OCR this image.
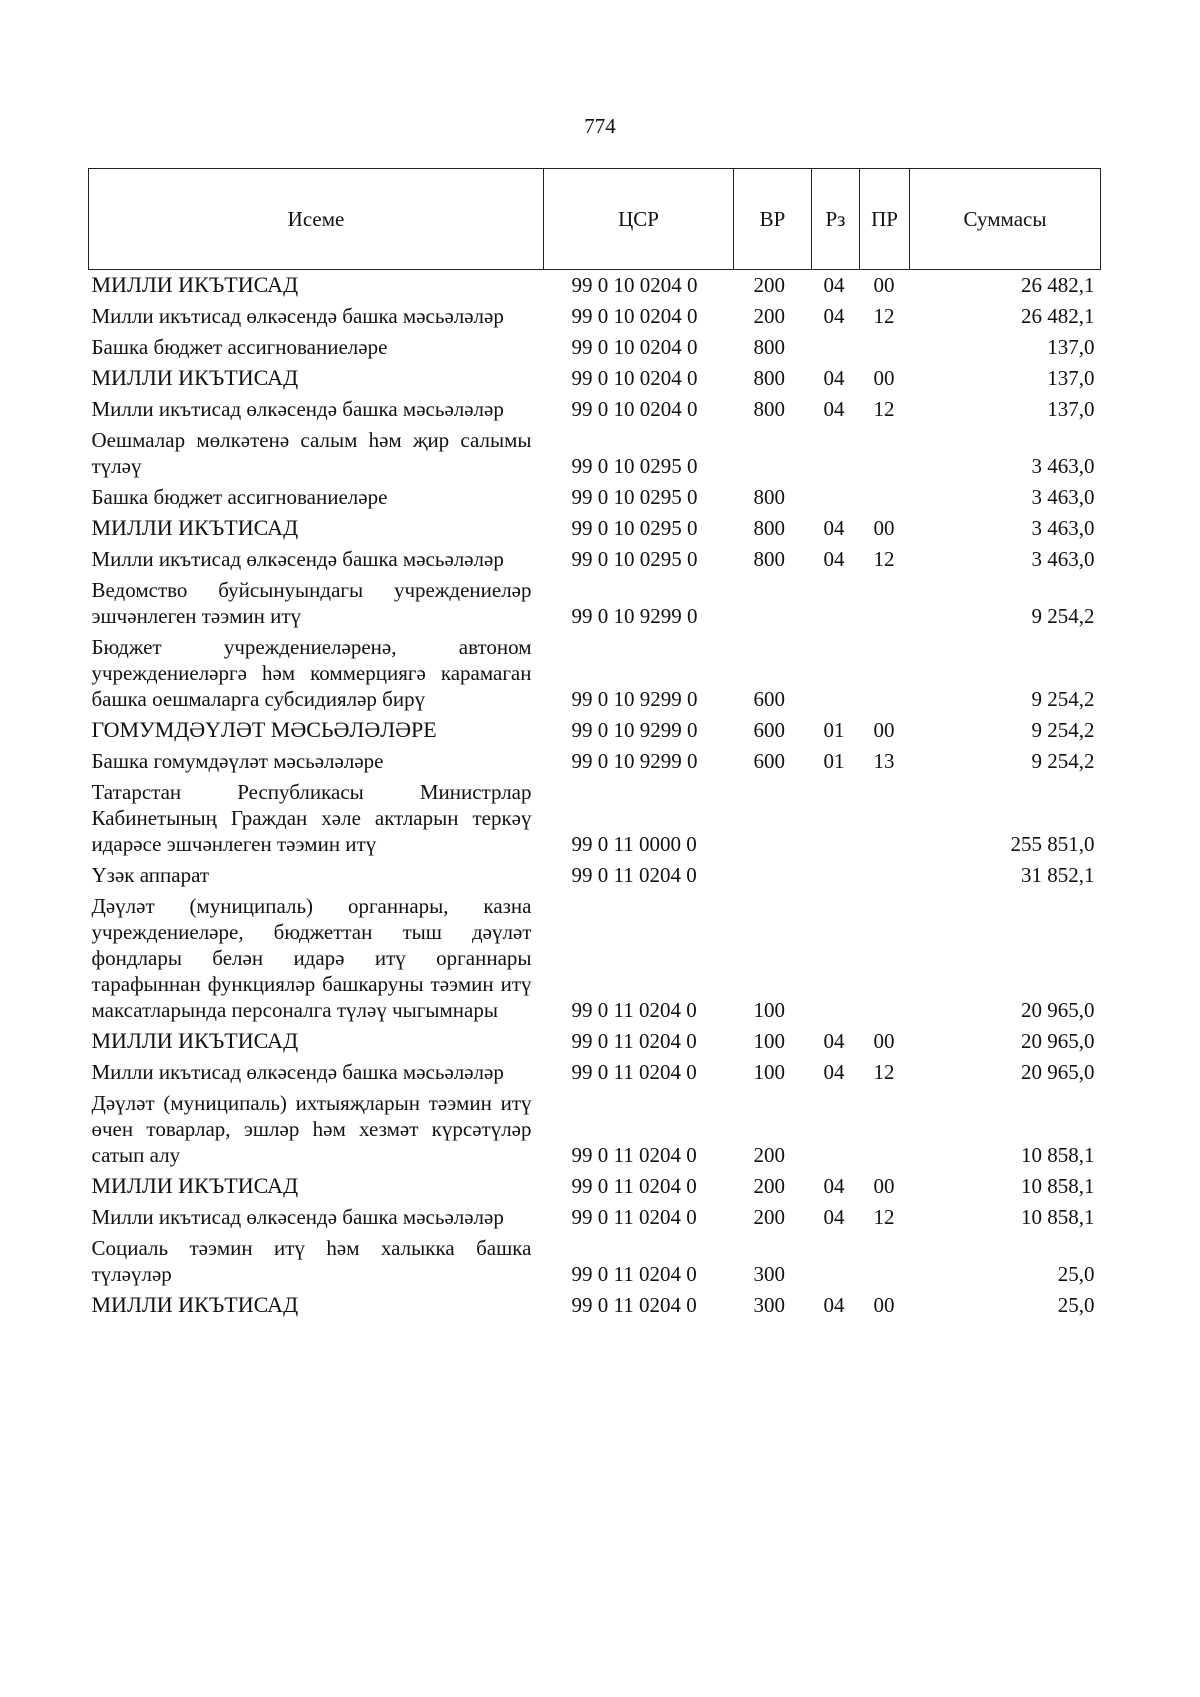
774
Исеме	ЦСР	ВР	Рз	ПР	Суммасы
МИЛЛИ ИКЪТИСАД	99 0 10 0204 0	200	04	00	26 482,1
Милли икътисад өлкәсендә башка мәсьәләләр	99 0 10 0204 0	200	04	12	26 482,1
Башка бюджет ассигнованиеләре	99 0 10 0204 0	800			137,0
МИЛЛИ ИКЪТИСАД	99 0 10 0204 0	800	04	00	137,0
Милли икътисад өлкәсендә башка мәсьәләләр	99 0 10 0204 0	800	04	12	137,0
Оешмалар мөлкәтенә салым һәм җир салымы түләү	99 0 10 0295 0				3 463,0
Башка бюджет ассигнованиеләре	99 0 10 0295 0	800			3 463,0
МИЛЛИ ИКЪТИСАД	99 0 10 0295 0	800	04	00	3 463,0
Милли икътисад өлкәсендә башка мәсьәләләр	99 0 10 0295 0	800	04	12	3 463,0
Ведомство буйсынуындагы учреждениеләр эшчәнлеген тәэмин итү	99 0 10 9299 0				9 254,2
Бюджет учреждениеләренә, автоном учреждениеләргә һәм коммерциягә карамаган башка оешмаларга субсидияләр бирү	99 0 10 9299 0	600			9 254,2
ГОМУМДӘҮЛӘТ МӘСЬӘЛӘЛӘРЕ	99 0 10 9299 0	600	01	00	9 254,2
Башка гомумдәүләт мәсьәләләре	99 0 10 9299 0	600	01	13	9 254,2
Татарстан Республикасы Министрлар Кабинетының Граждан хәле актларын теркәү идарәсе эшчәнлеген тәэмин итү	99 0 11 0000 0				255 851,0
Үзәк аппарат	99 0 11 0204 0				31 852,1
Дәүләт (муниципаль) органнары, казна учреждениеләре, бюджеттан тыш дәүләт фондлары белән идарә итү органнары тарафыннан функцияләр башкаруны тәэмин итү максатларында персоналга түләү чыгымнары	99 0 11 0204 0	100			20 965,0
МИЛЛИ ИКЪТИСАД	99 0 11 0204 0	100	04	00	20 965,0
Милли икътисад өлкәсендә башка мәсьәләләр	99 0 11 0204 0	100	04	12	20 965,0
Дәүләт (муниципаль) ихтыяҗларын тәэмин итү өчен товарлар, эшләр һәм хезмәт күрсәтүләр сатып алу	99 0 11 0204 0	200			10 858,1
МИЛЛИ ИКЪТИСАД	99 0 11 0204 0	200	04	00	10 858,1
Милли икътисад өлкәсендә башка мәсьәләләр	99 0 11 0204 0	200	04	12	10 858,1
Социаль тәэмин итү һәм халыкка башка түләүләр	99 0 11 0204 0	300			25,0
МИЛЛИ ИКЪТИСАД	99 0 11 0204 0	300	04	00	25,0
